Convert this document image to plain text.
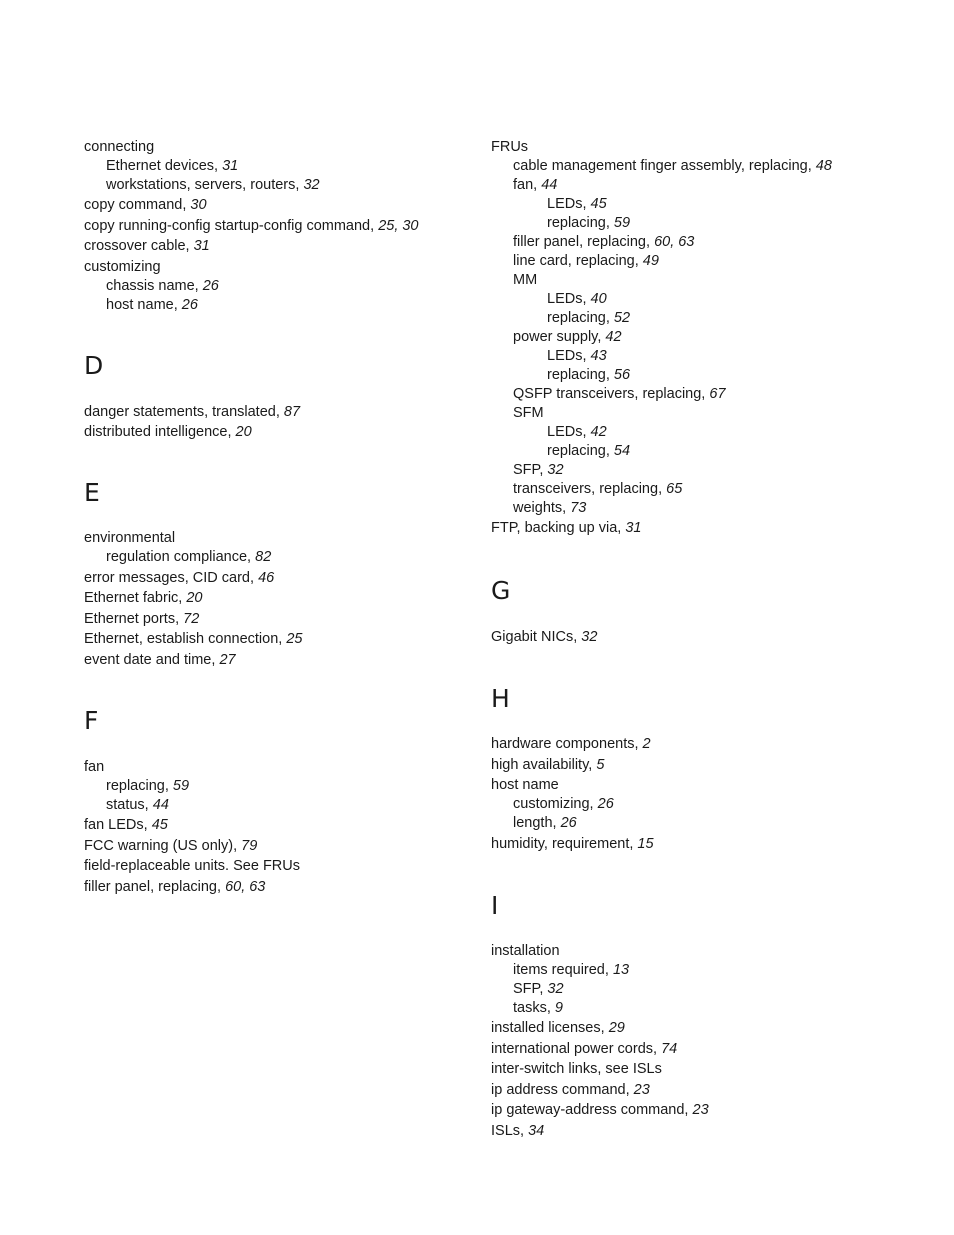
connecting
Ethernet devices, 31
workstations, servers, routers, 32
copy command, 30
copy running-config startup-config command, 25, 30
crossover cable, 31
customizing
chassis name, 26
host name, 26
D
danger statements, translated, 87
distributed intelligence, 20
E
environmental
regulation compliance, 82
error messages, CID card, 46
Ethernet fabric, 20
Ethernet ports, 72
Ethernet, establish connection, 25
event date and time, 27
F
fan
replacing, 59
status, 44
fan LEDs, 45
FCC warning (US only), 79
field-replaceable units. See FRUs
filler panel, replacing, 60, 63
FRUs
cable management finger assembly, replacing, 48
fan, 44
LEDs, 45
replacing, 59
filler panel, replacing, 60, 63
line card, replacing, 49
MM
LEDs, 40
replacing, 52
power supply, 42
LEDs, 43
replacing, 56
QSFP transceivers, replacing, 67
SFM
LEDs, 42
replacing, 54
SFP, 32
transceivers, replacing, 65
weights, 73
FTP, backing up via, 31
G
Gigabit NICs, 32
H
hardware components, 2
high availability, 5
host name
customizing, 26
length, 26
humidity, requirement, 15
I
installation
items required, 13
SFP, 32
tasks, 9
installed licenses, 29
international power cords, 74
inter-switch links, see ISLs
ip address command, 23
ip gateway-address command, 23
ISLs, 34
